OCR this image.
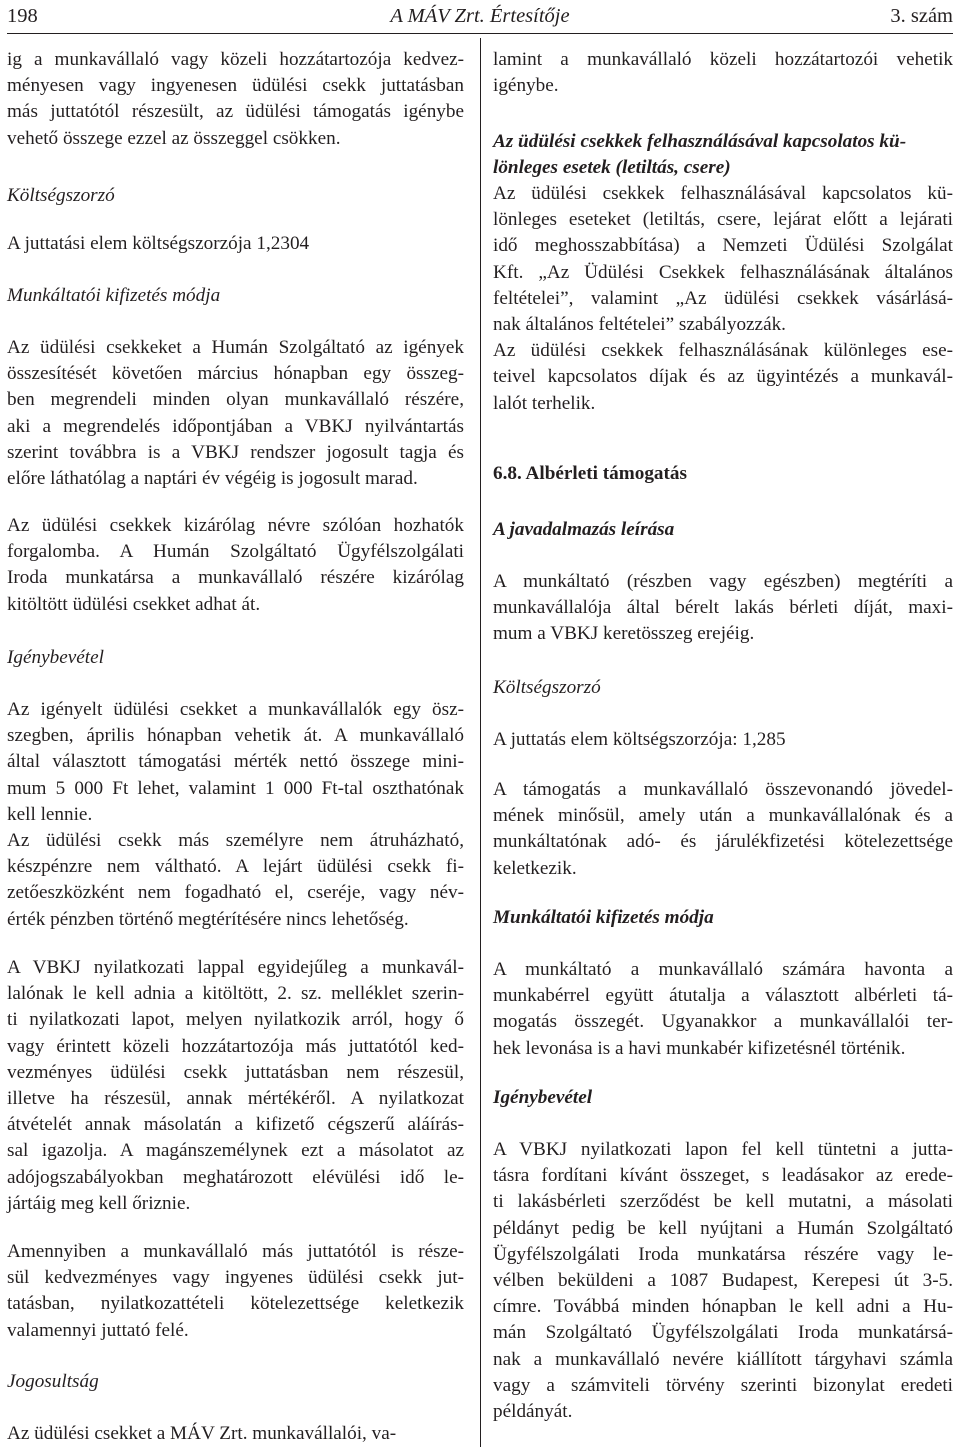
198	A MÁV Zrt. Értesítője	3. szám
ig a munkavállaló vagy közeli hozzátartozója kedvez-
ményesen vagy ingyenesen üdülési csekk juttatásban
más juttatótól részesült, az üdülési támogatás igénybe
vehető összege ezzel az összeggel csökken.
Költségszorzó
A juttatási elem költségszorzója 1,2304
Munkáltatói kifizetés módja
Az üdülési csekkeket a Humán Szolgáltató az igények
összesítését követően március hónapban egy összeg-
ben megrendeli minden olyan munkavállaló részére,
aki a megrendelés időpontjában a VBKJ nyilvántartás
szerint továbbra is a VBKJ rendszer jogosult tagja és
előre láthatólag a naptári év végéig is jogosult marad.
Az üdülési csekkek kizárólag névre szólóan hozhatók
forgalomba. A Humán Szolgáltató Ügyfélszolgálati
Iroda munkatársa a munkavállaló részére kizárólag
kitöltött üdülési csekket adhat át.
Igénybevétel
Az igényelt üdülési csekket a munkavállalók egy ösz-
szegben, április hónapban vehetik át. A munkavállaló
által választott támogatási mérték nettó összege mini-
mum 5 000 Ft lehet, valamint 1 000 Ft-tal oszthatónak
kell lennie.
Az üdülési csekk más személyre nem átruházható,
készpénzre nem váltható. A lejárt üdülési csekk fi-
zetőeszközként nem fogadható el, cseréje, vagy név-
érték pénzben történő megtérítésére nincs lehetőség.
A VBKJ nyilatkozati lappal egyidejűleg a munkavál-
lalónak le kell adnia a kitöltött, 2. sz. melléklet szerin-
ti nyilatkozati lapot, melyen nyilatkozik arról, hogy ő
vagy érintett közeli hozzátartozója más juttatótól ked-
vezményes üdülési csekk juttatásban nem részesül,
illetve ha részesül, annak mértékéről. A nyilatkozat
átvételét annak másolatán a kifizető cégszerű aláírás-
sal igazolja. A magánszemélynek ezt a másolatot az
adójogszabályokban meghatározott elévülési idő le-
jártáig meg kell őriznie.
Amennyiben a munkavállaló más juttatótól is része-
sül kedvezményes vagy ingyenes üdülési csekk jut-
tatásban, nyilatkozattételi kötelezettsége keletkezik
valamennyi juttató felé.
Jogosultság
Az üdülési csekket a MÁV Zrt. munkavállalói, va-
lamint a munkavállaló közeli hozzátartozói vehetik
igénybe.
Az üdülési csekkek felhasználásával kapcsolatos kü-
lönleges esetek (letiltás, csere)
Az üdülési csekkek felhasználásával kapcsolatos kü-
lönleges eseteket (letiltás, csere, lejárat előtt a lejárati
idő meghosszabbítása) a Nemzeti Üdülési Szolgálat
Kft. „Az Üdülési Csekkek felhasználásának általános
feltételei”, valamint „Az üdülési csekkek vásárlásá-
nak általános feltételei” szabályozzák.
Az üdülési csekkek felhasználásának különleges ese-
teivel kapcsolatos díjak és az ügyintézés a munkavál-
lalót terhelik.
6.8. Albérleti támogatás
A javadalmazás leírása
A munkáltató (részben vagy egészben) megtéríti a
munkavállalója által bérelt lakás bérleti díját, maxi-
mum a VBKJ keretösszeg erejéig.
Költségszorzó
A juttatás elem költségszorzója: 1,285
A támogatás a munkavállaló összevonandó jövedel-
mének minősül, amely után a munkavállalónak és a
munkáltatónak adó- és járulékfizetési kötelezettsége
keletkezik.
Munkáltatói kifizetés módja
A munkáltató a munkavállaló számára havonta a
munkabérrel együtt átutalja a választott albérleti tá-
mogatás összegét. Ugyanakkor a munkavállalói ter-
hek levonása is a havi munkabér kifizetésnél történik.
Igénybevétel
A VBKJ nyilatkozati lapon fel kell tüntetni a jutta-
tásra fordítani kívánt összeget, s leadásakor az erede-
ti lakásbérleti szerződést be kell mutatni, a másolati
példányt pedig be kell nyújtani a Humán Szolgáltató
Ügyfélszolgálati Iroda munkatársa részére vagy le-
vélben beküldeni a 1087 Budapest, Kerepesi út 3-5.
címre. Továbbá minden hónapban le kell adni a Hu-
mán Szolgáltató Ügyfélszolgálati Iroda munkatársá-
nak a munkavállaló nevére kiállított tárgyhavi számla
vagy a számviteli törvény szerinti bizonylat eredeti
példányát.
